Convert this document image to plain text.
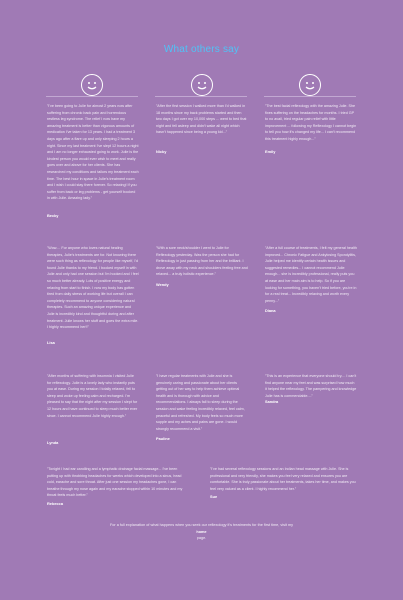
What others say

"I've been going to Julie for almost 2 years now after suffering from chronic back pain and horrendous restless leg syndrome. The relief I now have my amazing treatment is better than vigorous amounts of medication I've taken for 13 years. I had a treatment 3 days ago after a flare up and only sleeping 2 hours a night. Since my last treatment I've slept 12 hours a night and I am no longer exhausted going to work. Julie is the kindest person you would ever wish to meet and really goes over and above for her clients. She has researched my conditions and tailors my treatment each time. The best hour in space in Julie's treatment room and I wish I could stay there forever. So relaxing! If you suffer from back or leg problems - get yourself booked in with Julie. Amazing lady."

Becky

"After the first session I walked more than I'd walked in 18 months since my back problems started and then two days I got over my 10,000 steps ... went to bed that night and fell asleep and didn't wake all night which hasn't happened since being a young kid..."

Nicky

"The best facial reflexology with the amazing Julie. She fixes suffering on the headaches for months. I tried GP to no avail, tried regular pain relief with little improvement ... following my Reflexology I cannot begin to tell you how it's changed my life... I can't recommend this treatment highly enough..."

Emily

"Wow.... For anyone who loves natural healing therapies, Julie's treatments are for. Not knowing there were such thing as reflexology for people like myself, I'd found Julie thanks to my friend. I booked myself in with Julie and only had one session but I'm hooked and I feel so much better already. Lots of positive energy and relaxing from start to finish. I now my body has gotten tired from daily stress of working life but overall I can completely recommend to anyone considering natural therapies. Such an amazing unique experience and Julie is incredibly kind and thoughtful during and after treatment. Julie knows her stuff and goes the extra mile. I highly recommend her!!"

Lisa

"With a sore neck/shoulder I went to Julie for Reflexology yesterday. Was the person she had for Reflexology in just passing from her and the brilliant. I drove away with my neck and shoulders feeling free and relaxed... a truly holistic experience."

Wendy

"After a full course of treatments, I felt my general health improved... Chronic Fatigue and Ankylosing Spondylitis, Julie helped me identify certain health issues and suggested remedies... I cannot recommend Julie enough... she is incredibly professional, really puts you at ease and her main aim is to help. So if you are looking for something, you haven't tried before, you're in for a real treat... Incredibly relaxing and worth every penny..."

Diana

"After months of suffering with insomnia I visited Julie for reflexology. Julie is a lovely lady who instantly puts you at ease. During my session I totally relaxed, fell to sleep and woke up feeling calm and recharged. I'm pleased to say that the night after my session I slept for 12 hours and have continued to sleep much better ever since. I cannot recommend Julie highly enough."

Lynda

"I have regular treatments with Julie and she is genuinely caring and passionate about her clients getting out of her way to help them achieve optimal health and is thorough with advice and recommendations. I always fall to sleep during the session and wake feeling incredibly relaxed, feel calm, peaceful and refreshed. My body feels so much more supple and my aches and pains are gone. I would strongly recommend a visit."

Pauline

"This is an experience that everyone should try.... I can't find anyone near my feet and was surprised how much it helped the reflexology. The pampering and knowledge Julie has is commendable...."

Sandra

"Tonight I had ear candling and a lymphatic drainage facial massage... I've been putting up with throbbing headaches for weeks which developed into a sinus, head cold, earache and sore throat. After just one session my headaches gone, I can breathe through my nose again and my earache stopped within 10 minutes and my throat feels much better."

Rebecca

"I've had several reflexology sessions and an Indian head massage with Julie. She is professional and very friendly, she makes you feel very relaxed and ensures you are comfortable. She is truly passionate about her treatments, takes her time, and makes you feel very valued as a client. I highly recommend her."

Sue

For a full explanation of what happens when you seek our reflexology it's treatments for the first time, visit my
home
page.
